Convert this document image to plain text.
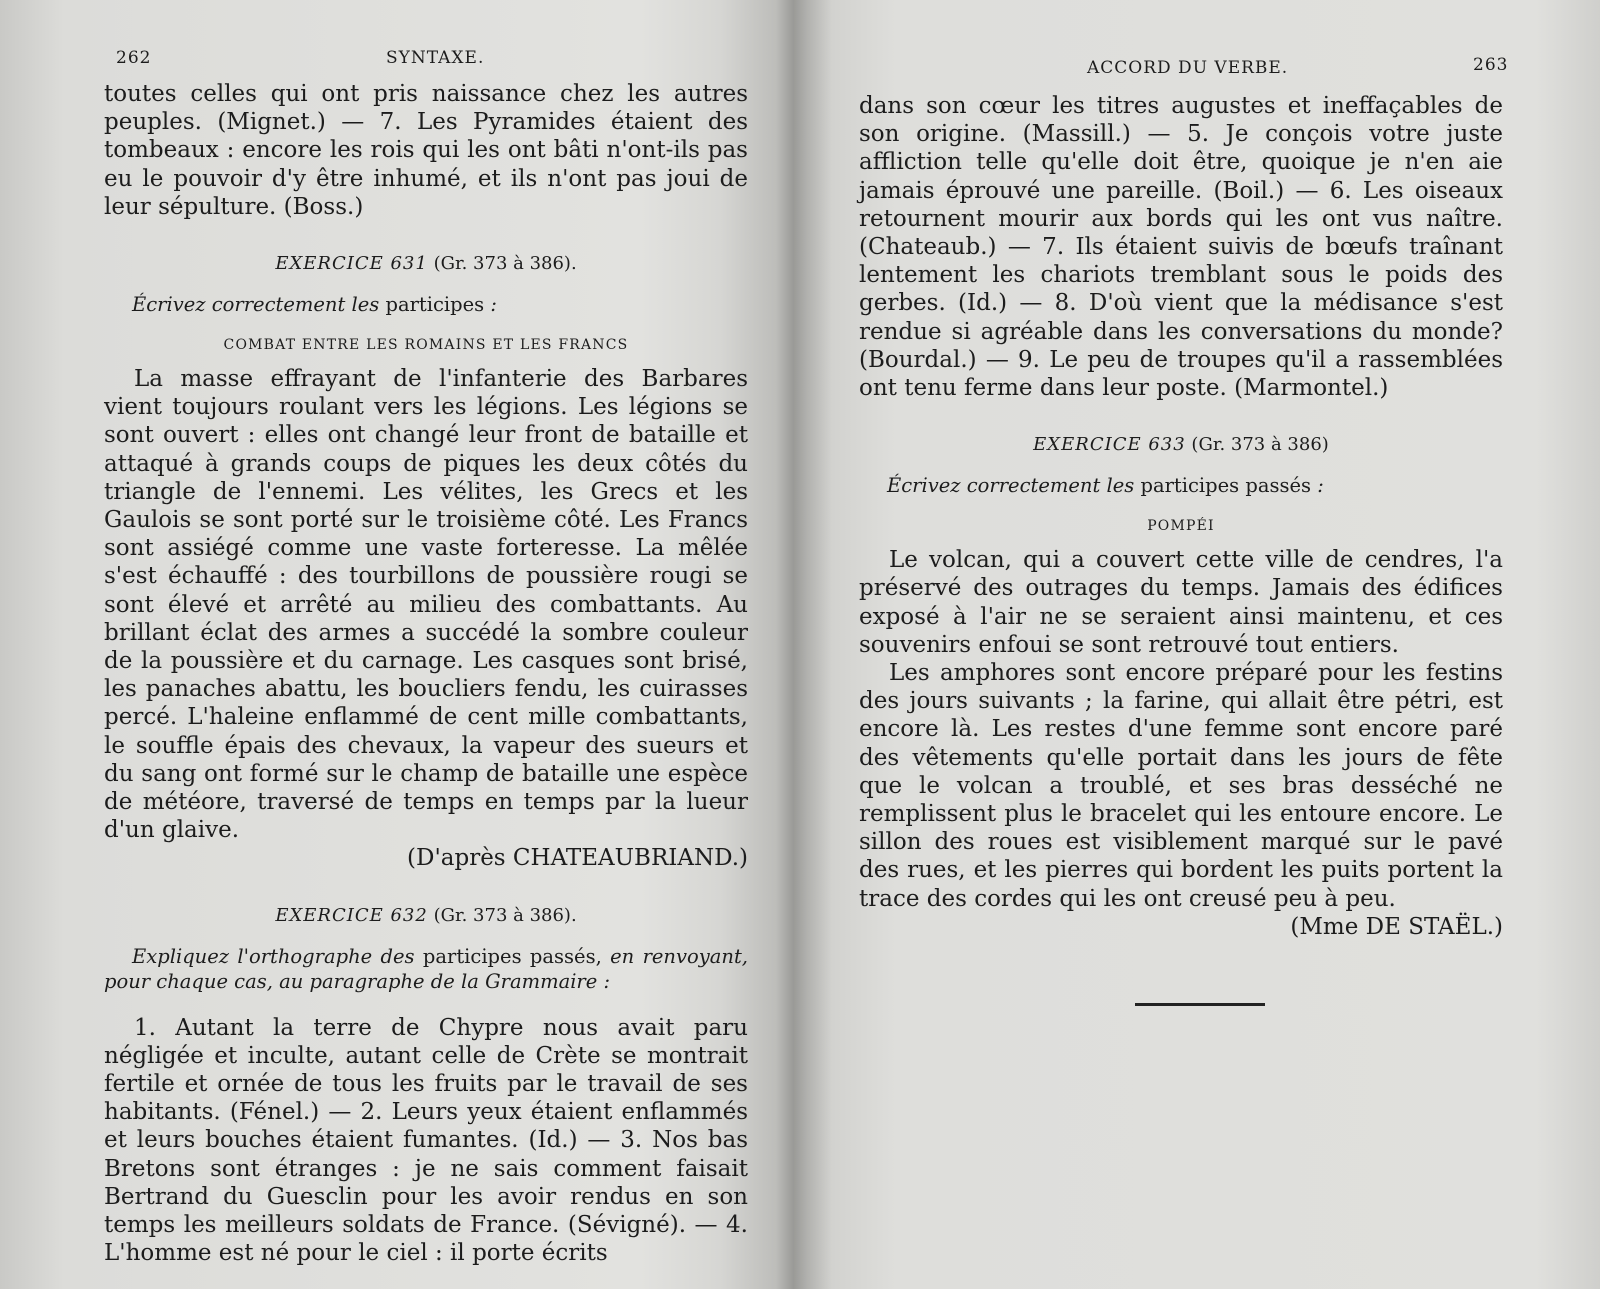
262	SYNTAXE.

toutes celles qui ont pris naissance chez les autres peuples. (Mignet.) — 7. Les Pyramides étaient des tombeaux : encore les rois qui les ont bâti n'ont-ils pas eu le pouvoir d'y être inhumé, et ils n'ont pas joui de leur sépulture. (Boss.)

EXERCICE 631 (Gr. 373 à 386).

Écrivez correctement les participes :

COMBAT ENTRE LES ROMAINS ET LES FRANCS

La masse effrayant de l'infanterie des Barbares vient toujours roulant vers les légions. Les légions se sont ouvert : elles ont changé leur front de bataille et attaqué à grands coups de piques les deux côtés du triangle de l'ennemi. Les vélites, les Grecs et les Gaulois se sont porté sur le troisième côté. Les Francs sont assiégé comme une vaste forteresse. La mêlée s'est échauffé : des tourbillons de poussière rougi se sont élevé et arrêté au milieu des combattants. Au brillant éclat des armes a succédé la sombre couleur de la poussière et du carnage. Les casques sont brisé, les panaches abattu, les boucliers fendu, les cuirasses percé. L'haleine enflammé de cent mille combattants, le souffle épais des chevaux, la vapeur des sueurs et du sang ont formé sur le champ de bataille une espèce de météore, traversé de temps en temps par la lueur d'un glaive.

(D'après CHATEAUBRIAND.)

EXERCICE 632 (Gr. 373 à 386).

Expliquez l'orthographe des participes passés, en renvoyant, pour chaque cas, au paragraphe de la Grammaire :

1. Autant la terre de Chypre nous avait paru négligée et inculte, autant celle de Crète se montrait fertile et ornée de tous les fruits par le travail de ses habitants. (Fénel.) — 2. Leurs yeux étaient enflammés et leurs bouches étaient fumantes. (Id.) — 3. Nos bas Bretons sont étranges : je ne sais comment faisait Bertrand du Guesclin pour les avoir rendus en son temps les meilleurs soldats de France. (Sévigné). — 4. L'homme est né pour le ciel : il porte écrits

ACCORD DU VERBE.	263

dans son cœur les titres augustes et ineffaçables de son origine. (Massill.) — 5. Je conçois votre juste affliction telle qu'elle doit être, quoique je n'en aie jamais éprouvé une pareille. (Boil.) — 6. Les oiseaux retournent mourir aux bords qui les ont vus naître. (Chateaub.) — 7. Ils étaient suivis de bœufs traînant lentement les chariots tremblant sous le poids des gerbes. (Id.) — 8. D'où vient que la médisance s'est rendue si agréable dans les conversations du monde? (Bourdal.) — 9. Le peu de troupes qu'il a rassemblées ont tenu ferme dans leur poste. (Marmontel.)

EXERCICE 633 (Gr. 373 à 386)

Écrivez correctement les participes passés :

POMPÉI

Le volcan, qui a couvert cette ville de cendres, l'a préservé des outrages du temps. Jamais des édifices exposé à l'air ne se seraient ainsi maintenu, et ces souvenirs enfoui se sont retrouvé tout entiers.

Les amphores sont encore préparé pour les festins des jours suivants ; la farine, qui allait être pétri, est encore là. Les restes d'une femme sont encore paré des vêtements qu'elle portait dans les jours de fête que le volcan a troublé, et ses bras desséché ne remplissent plus le bracelet qui les entoure encore. Le sillon des roues est visiblement marqué sur le pavé des rues, et les pierres qui bordent les puits portent la trace des cordes qui les ont creusé peu à peu.

(Mme DE STAËL.)
